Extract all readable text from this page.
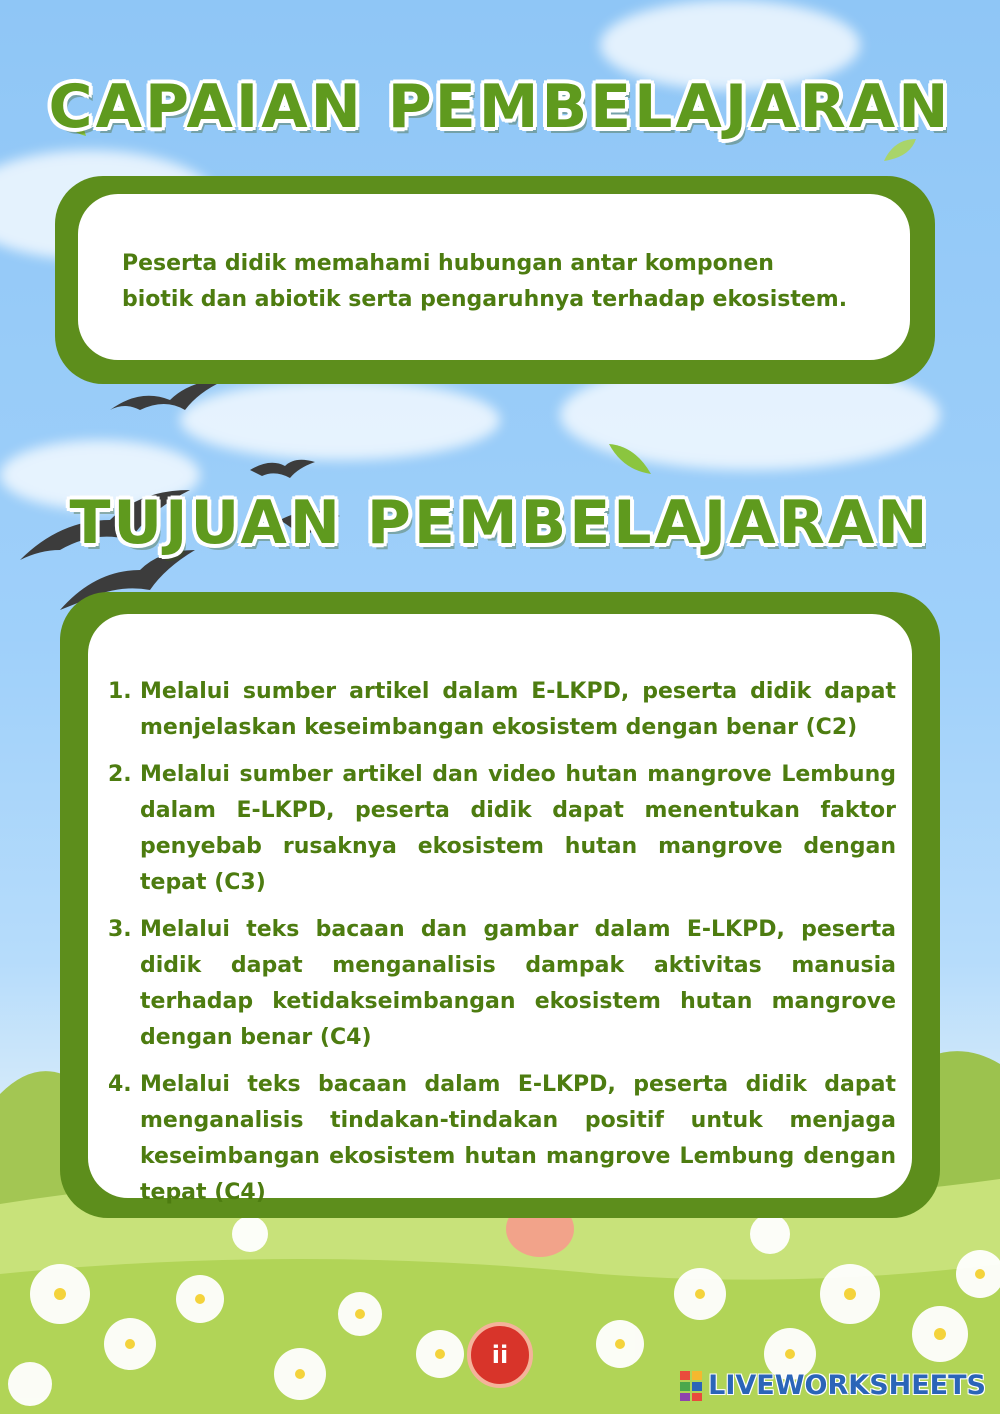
CAPAIAN PEMBELAJARAN

Peserta didik memahami hubungan antar komponen biotik dan abiotik serta pengaruhnya terhadap ekosistem.

TUJUAN PEMBELAJARAN
1. Melalui sumber artikel dalam E-LKPD, peserta didik dapat menjelaskan keseimbangan ekosistem dengan benar (C2)
2. Melalui sumber artikel dan video hutan mangrove Lembung dalam E-LKPD, peserta didik dapat menentukan faktor penyebab rusaknya ekosistem hutan mangrove dengan tepat (C3)
3. Melalui teks bacaan dan gambar dalam E-LKPD, peserta didik dapat menganalisis dampak aktivitas manusia terhadap ketidakseimbangan ekosistem hutan mangrove dengan benar (C4)
4. Melalui teks bacaan dalam E-LKPD, peserta didik dapat menganalisis tindakan-tindakan positif untuk menjaga keseimbangan ekosistem hutan mangrove Lembung dengan tepat (C4)
ii
LIVEWORKSHEETS
